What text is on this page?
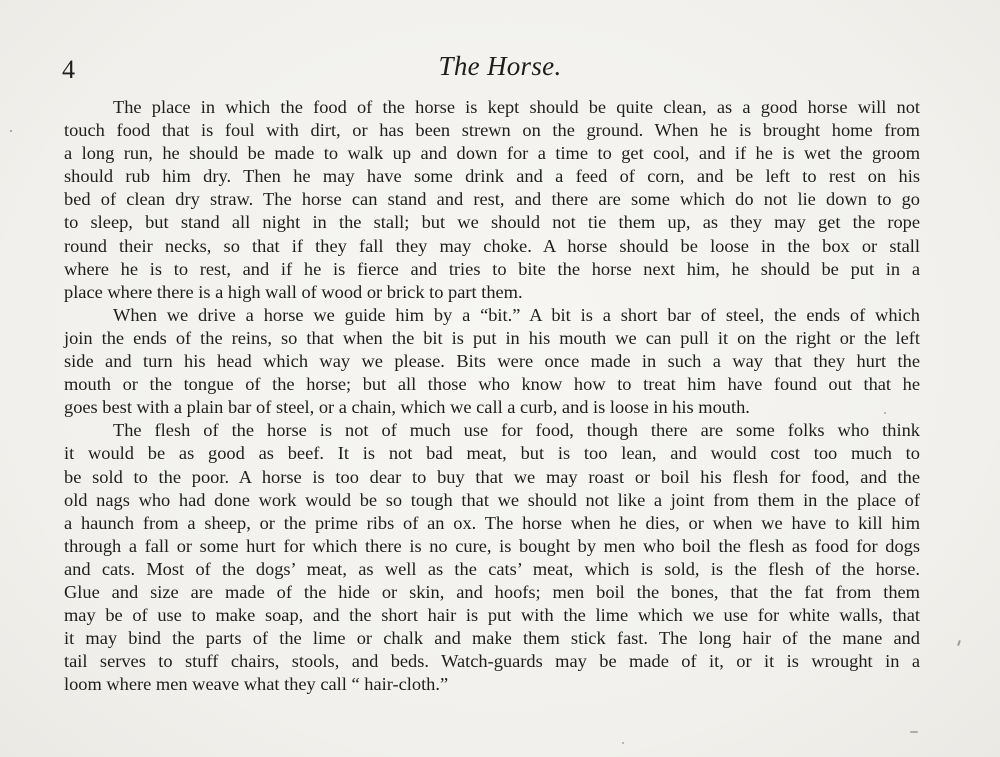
4	The Horse.
The place in which the food of the horse is kept should be quite clean, as a good horse will not
touch food that is foul with dirt, or has been strewn on the ground. When he is brought home from
a long run, he should be made to walk up and down for a time to get cool, and if he is wet the groom
should rub him dry. Then he may have some drink and a feed of corn, and be left to rest on his
bed of clean dry straw. The horse can stand and rest, and there are some which do not lie down to go
to sleep, but stand all night in the stall; but we should not tie them up, as they may get the rope
round their necks, so that if they fall they may choke. A horse should be loose in the box or stall
where he is to rest, and if he is fierce and tries to bite the horse next him, he should be put in a
place where there is a high wall of wood or brick to part them.
When we drive a horse we guide him by a “bit.” A bit is a short bar of steel, the ends of which
join the ends of the reins, so that when the bit is put in his mouth we can pull it on the right or the left
side and turn his head which way we please. Bits were once made in such a way that they hurt the
mouth or the tongue of the horse; but all those who know how to treat him have found out that he
goes best with a plain bar of steel, or a chain, which we call a curb, and is loose in his mouth.
The flesh of the horse is not of much use for food, though there are some folks who think
it would be as good as beef. It is not bad meat, but is too lean, and would cost too much to
be sold to the poor. A horse is too dear to buy that we may roast or boil his flesh for food, and the
old nags who had done work would be so tough that we should not like a joint from them in the place of
a haunch from a sheep, or the prime ribs of an ox. The horse when he dies, or when we have to kill him
through a fall or some hurt for which there is no cure, is bought by men who boil the flesh as food for dogs
and cats. Most of the dogs’ meat, as well as the cats’ meat, which is sold, is the flesh of the horse.
Glue and size are made of the hide or skin, and hoofs; men boil the bones, that the fat from them
may be of use to make soap, and the short hair is put with the lime which we use for white walls, that
it may bind the parts of the lime or chalk and make them stick fast. The long hair of the mane and
tail serves to stuff chairs, stools, and beds. Watch-guards may be made of it, or it is wrought in a
loom where men weave what they call “ hair-cloth.”
